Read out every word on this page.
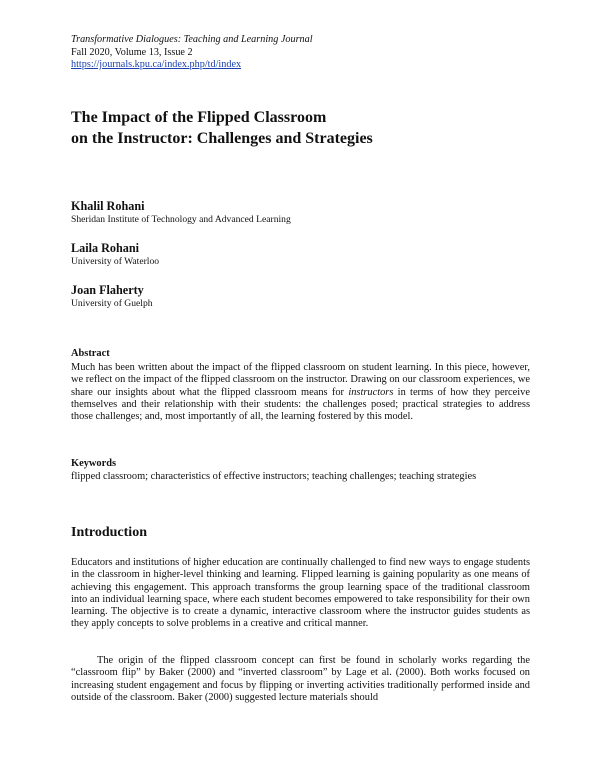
Transformative Dialogues: Teaching and Learning Journal
Fall 2020, Volume 13, Issue 2
https://journals.kpu.ca/index.php/td/index
The Impact of the Flipped Classroom
on the Instructor: Challenges and Strategies
Khalil Rohani
Sheridan Institute of Technology and Advanced Learning
Laila Rohani
University of Waterloo
Joan Flaherty
University of Guelph
Abstract
Much has been written about the impact of the flipped classroom on student learning. In this piece, however, we reflect on the impact of the flipped classroom on the instructor. Drawing on our classroom experiences, we share our insights about what the flipped classroom means for instructors in terms of how they perceive themselves and their relationship with their students: the challenges posed; practical strategies to address those challenges; and, most importantly of all, the learning fostered by this model.
Keywords
flipped classroom; characteristics of effective instructors; teaching challenges; teaching strategies
Introduction
Educators and institutions of higher education are continually challenged to find new ways to engage students in the classroom in higher-level thinking and learning. Flipped learning is gaining popularity as one means of achieving this engagement. This approach transforms the group learning space of the traditional classroom into an individual learning space, where each student becomes empowered to take responsibility for their own learning. The objective is to create a dynamic, interactive classroom where the instructor guides students as they apply concepts to solve problems in a creative and critical manner.
The origin of the flipped classroom concept can first be found in scholarly works regarding the “classroom flip” by Baker (2000) and “inverted classroom” by Lage et al. (2000). Both works focused on increasing student engagement and focus by flipping or inverting activities traditionally performed inside and outside of the classroom. Baker (2000) suggested lecture materials should
